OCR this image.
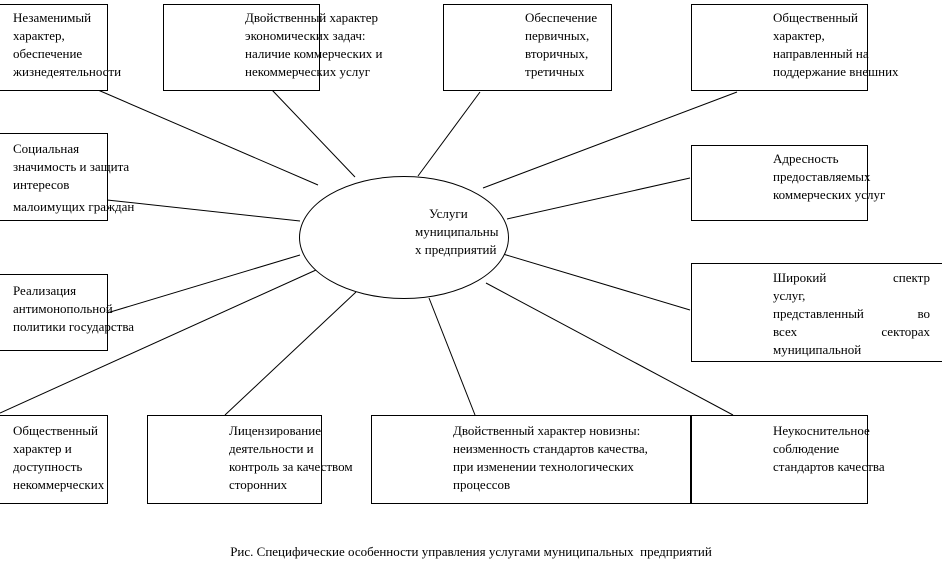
Услуги
муниципальны
х предприятий
Незаменимый
характер,
обеспечение
жизнедеятельности
Двойственный характер
экономических задач:
наличие коммерческих и
некоммерческих услуг
Обеспечение
первичных,
вторичных,
третичных
Общественный
характер,
направленный на
поддержание внешних
Социальная
значимость и защита
интересов
малоимущих граждан
Адресность
предоставляемых
коммерческих услуг
Реализация
антимонопольной
политики государства
Широкий спектр
услуг,
представленный во
всех секторах
муниципальной
Общественный
характер и
доступность
некоммерческих
Лицензирование
деятельности и
контроль за качеством
сторонних
Двойственный характер новизны:
неизменность стандартов качества,
при изменении технологических
процессов
Неукоснительное
соблюдение
стандартов качества
Рис. Специфические особенности управления услугами муниципальных  предприятий
